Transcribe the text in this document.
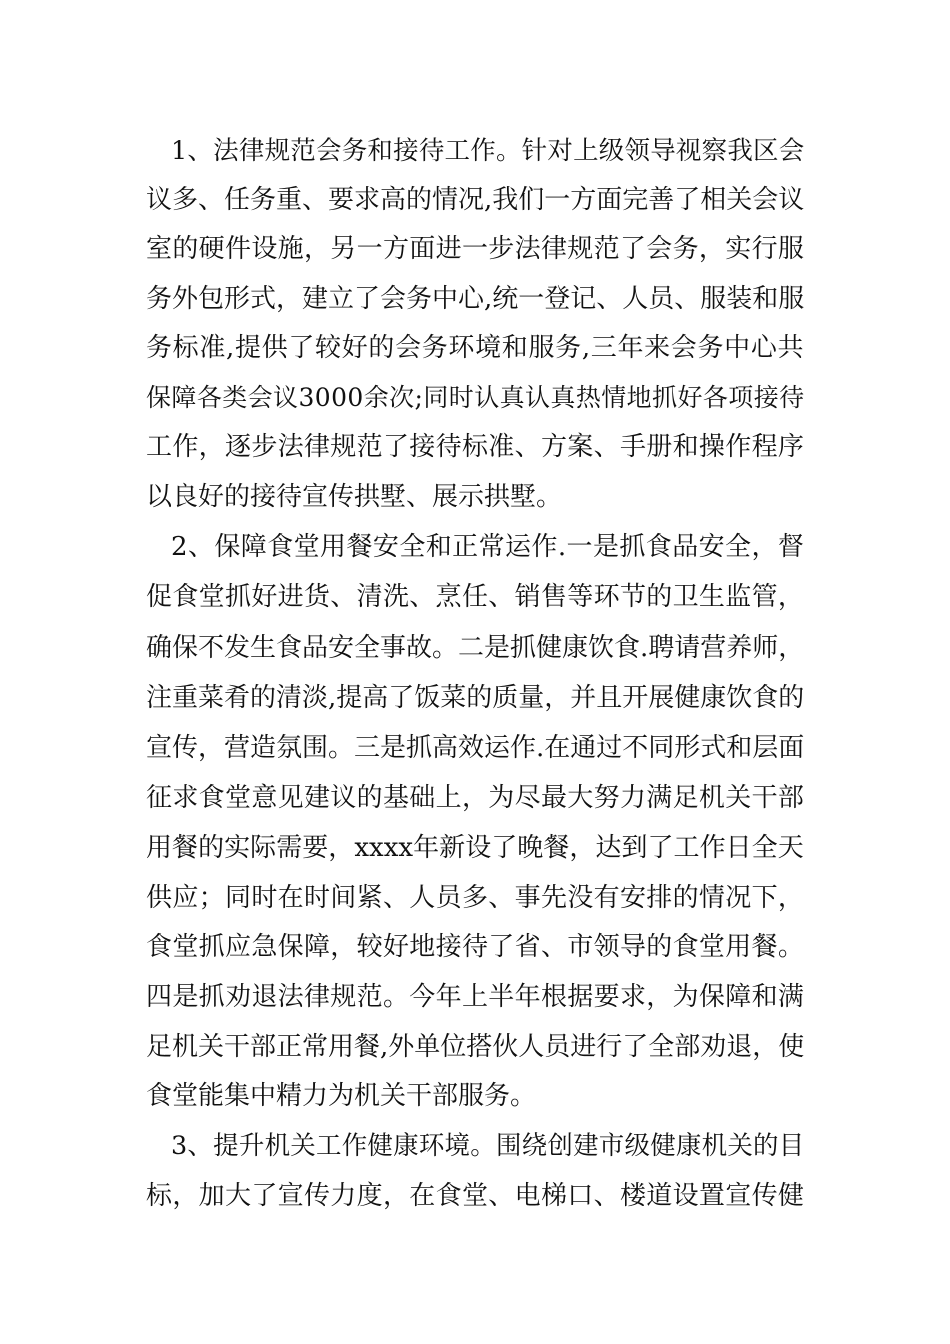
1、法律规范会务和接待工作。针对上级领导视察我区会
议多、任务重、要求高的情况,我们一方面完善了相关会议
室的硬件设施，另一方面进一步法律规范了会务，实行服
务外包形式，建立了会务中心,统一登记、人员、服装和服
务标准,提供了较好的会务环境和服务,三年来会务中心共
保障各类会议3000余次;同时认真认真热情地抓好各项接待
工作，逐步法律规范了接待标准、方案、手册和操作程序
以良好的接待宣传拱墅、展示拱墅。
2、保障食堂用餐安全和正常运作.一是抓食品安全，督
促食堂抓好进货、清洗、烹任、销售等环节的卫生监管，
确保不发生食品安全事故。二是抓健康饮食.聘请营养师，
注重菜肴的清淡,提高了饭菜的质量，并且开展健康饮食的
宣传，营造氛围。三是抓高效运作.在通过不同形式和层面
征求食堂意见建议的基础上，为尽最大努力满足机关干部
用餐的实际需要，xxxx年新设了晚餐，达到了工作日全天
供应；同时在时间紧、人员多、事先没有安排的情况下，
食堂抓应急保障，较好地接待了省、市领导的食堂用餐。
四是抓劝退法律规范。今年上半年根据要求，为保障和满
足机关干部正常用餐,外单位搭伙人员进行了全部劝退，使
食堂能集中精力为机关干部服务。
3、提升机关工作健康环境。围绕创建市级健康机关的目
标，加大了宣传力度，在食堂、电梯口、楼道设置宣传健
